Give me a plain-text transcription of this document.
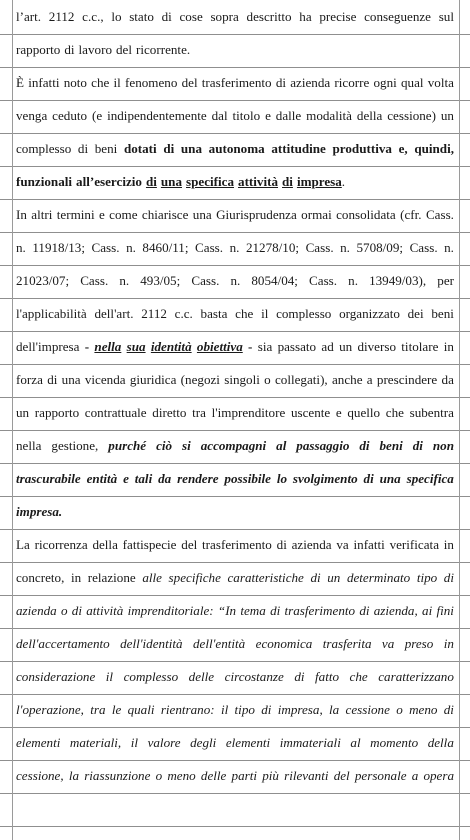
l’art. 2112 c.c., lo stato di cose sopra descritto ha precise conseguenze sul
rapporto di lavoro del ricorrente.
È infatti noto che il fenomeno del trasferimento di azienda ricorre ogni qual volta
venga ceduto (e indipendentemente dal titolo e dalle modalità della cessione) un
complesso di beni dotati di una autonoma attitudine produttiva e, quindi,
funzionali all’esercizio di una specifica attività di impresa.
In altri termini e come chiarisce una Giurisprudenza ormai consolidata (cfr. Cass.
n. 11918/13; Cass. n. 8460/11; Cass. n. 21278/10; Cass. n. 5708/09; Cass. n.
21023/07; Cass. n. 493/05; Cass. n. 8054/04; Cass. n. 13949/03), per
l'applicabilità dell'art. 2112 c.c. basta che il complesso organizzato dei beni
dell'impresa - nella sua identità obiettiva - sia passato ad un diverso titolare in
forza di una vicenda giuridica (negozi singoli o collegati), anche a prescindere da
un rapporto contrattuale diretto tra l'imprenditore uscente e quello che subentra
nella gestione, purché ciò si accompagni al passaggio di beni di non
trascurabile entità e tali da rendere possibile lo svolgimento di una specifica
impresa.
La ricorrenza della fattispecie del trasferimento di azienda va infatti verificata in
concreto, in relazione alle specifiche caratteristiche di un determinato tipo di
azienda o di attività imprenditoriale: “In tema di trasferimento di azienda, ai fini
dell'accertamento dell'identità dell'entità economica trasferita va preso in
considerazione il complesso delle circostanze di fatto che caratterizzano
l'operazione, tra le quali rientrano: il tipo di impresa, la cessione o meno di
elementi materiali, il valore degli elementi immateriali al momento della
cessione, la riassunzione o meno delle parti più rilevanti del personale a opera
